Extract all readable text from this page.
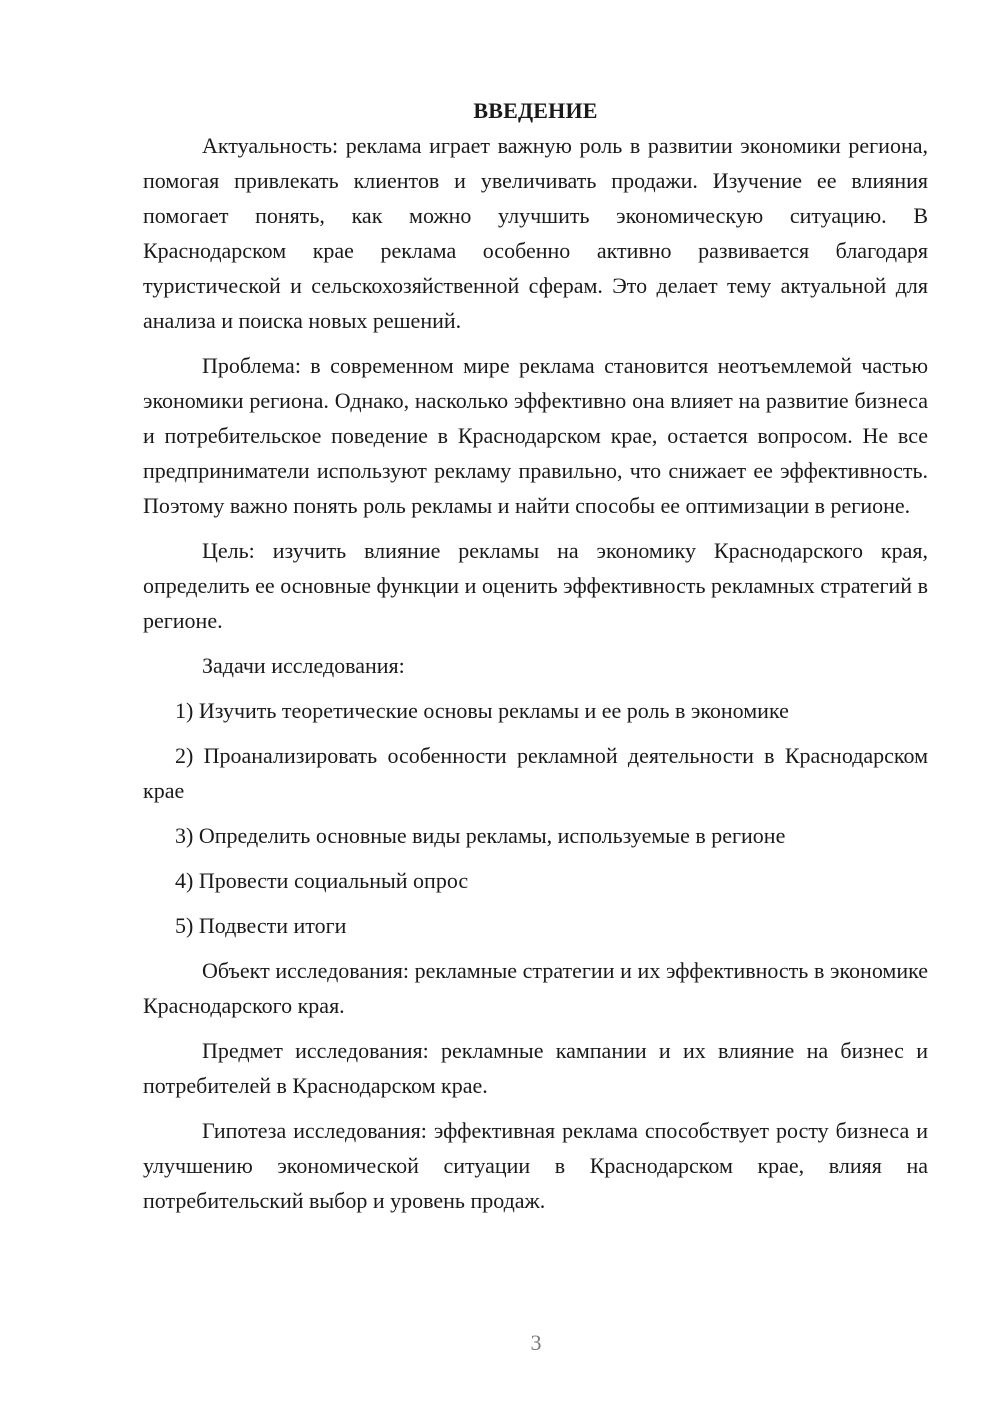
ВВЕДЕНИЕ

Актуальность: реклама играет важную роль в развитии экономики региона, помогая привлекать клиентов и увеличивать продажи. Изучение ее влияния помогает понять, как можно улучшить экономическую ситуацию. В Краснодарском крае реклама особенно активно развивается благодаря туристической и сельскохозяйственной сферам. Это делает тему актуальной для анализа и поиска новых решений.

Проблема: в современном мире реклама становится неотъемлемой частью экономики региона. Однако, насколько эффективно она влияет на развитие бизнеса и потребительское поведение в Краснодарском крае, остается вопросом. Не все предприниматели используют рекламу правильно, что снижает ее эффективность. Поэтому важно понять роль рекламы и найти способы ее оптимизации в регионе.

Цель: изучить влияние рекламы на экономику Краснодарского края, определить ее основные функции и оценить эффективность рекламных стратегий в регионе.

Задачи исследования:

1) Изучить теоретические основы рекламы и ее роль в экономике

2) Проанализировать особенности рекламной деятельности в Краснодарском крае

3) Определить основные виды рекламы, используемые в регионе

4) Провести социальный опрос

5) Подвести итоги

Объект исследования: рекламные стратегии и их эффективность в экономике Краснодарского края.

Предмет исследования: рекламные кампании и их влияние на бизнес и потребителей в Краснодарском крае.

Гипотеза исследования: эффективная реклама способствует росту бизнеса и улучшению экономической ситуации в Краснодарском крае, влияя на потребительский выбор и уровень продаж.

3
